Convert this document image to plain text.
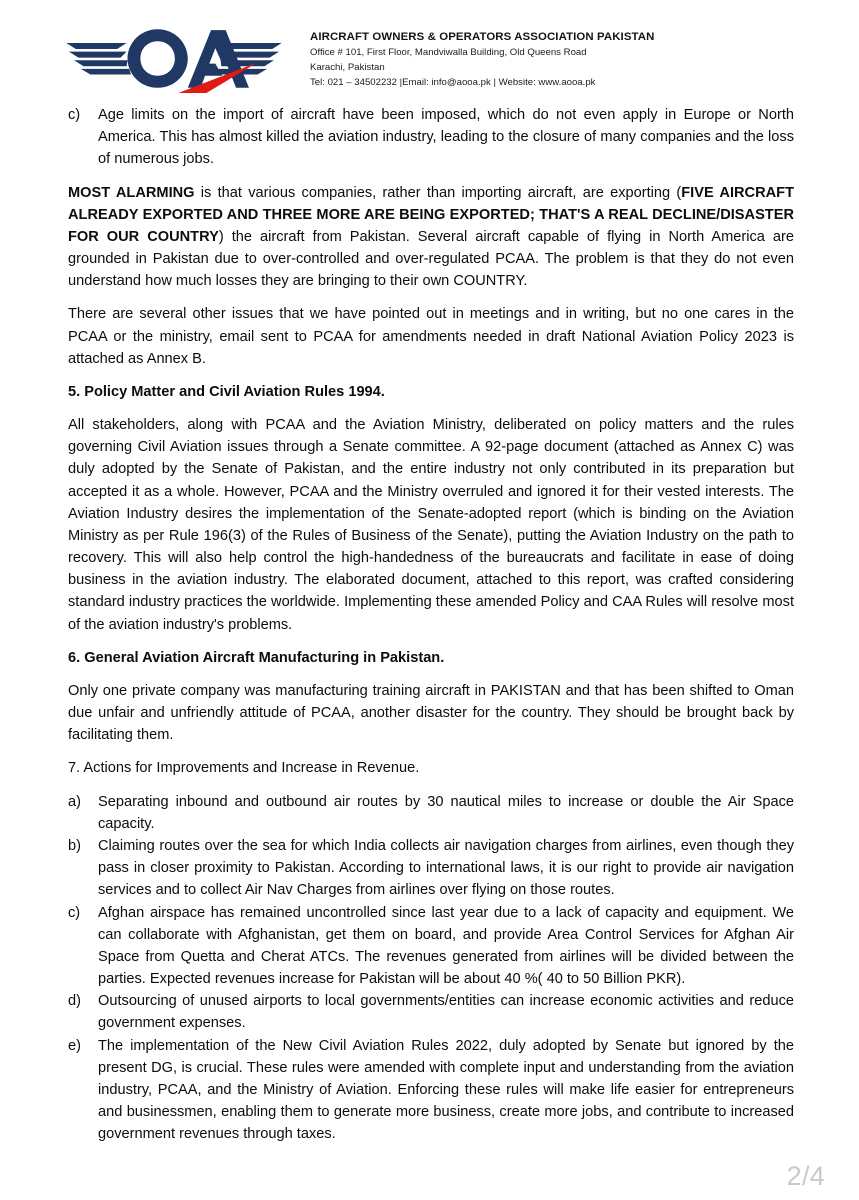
AIRCRAFT OWNERS & OPERATORS ASSOCIATION PAKISTAN
Office # 101, First Floor, Mandviwalla Building, Old Queens Road
Karachi, Pakistan
Tel: 021 – 34502232 |Email: info@aooa.pk | Website: www.aooa.pk
c)	Age limits on the import of aircraft have been imposed, which do not even apply in Europe or North America. This has almost killed the aviation industry, leading to the closure of many companies and the loss of numerous jobs.

MOST ALARMING is that various companies, rather than importing aircraft, are exporting (FIVE AIRCRAFT ALREADY EXPORTED AND THREE MORE ARE BEING EXPORTED; THAT'S A REAL DECLINE/DISASTER FOR OUR COUNTRY) the aircraft from Pakistan. Several aircraft capable of flying in North America are grounded in Pakistan due to over-controlled and over-regulated PCAA. The problem is that they do not even understand how much losses they are bringing to their own COUNTRY.

There are several other issues that we have pointed out in meetings and in writing, but no one cares in the PCAA or the ministry, email sent to PCAA for amendments needed in draft National Aviation Policy 2023 is attached as Annex B.

5. Policy Matter and Civil Aviation Rules 1994.

All stakeholders, along with PCAA and the Aviation Ministry, deliberated on policy matters and the rules governing Civil Aviation issues through a Senate committee. A 92-page document (attached as Annex C) was duly adopted by the Senate of Pakistan, and the entire industry not only contributed in its preparation but accepted it as a whole. However, PCAA and the Ministry overruled and ignored it for their vested interests. The Aviation Industry desires the implementation of the Senate-adopted report (which is binding on the Aviation Ministry as per Rule 196(3) of the Rules of Business of the Senate), putting the Aviation Industry on the path to recovery. This will also help control the high-handedness of the bureaucrats and facilitate in ease of doing business in the aviation industry. The elaborated document, attached to this report, was crafted considering standard industry practices the worldwide. Implementing these amended Policy and CAA Rules will resolve most of the aviation industry's problems.

6. General Aviation Aircraft Manufacturing in Pakistan.

Only one private company was manufacturing training aircraft in PAKISTAN and that has been shifted to Oman due unfair and unfriendly attitude of PCAA, another disaster for the country. They should be brought back by facilitating them.

7. Actions for Improvements and Increase in Revenue.
a)	Separating inbound and outbound air routes by 30 nautical miles to increase or double the Air Space capacity.
b)	Claiming routes over the sea for which India collects air navigation charges from airlines, even though they pass in closer proximity to Pakistan. According to international laws, it is our right to provide air navigation services and to collect Air Nav Charges from airlines over flying on those routes.
c)	Afghan airspace has remained uncontrolled since last year due to a lack of capacity and equipment. We can collaborate with Afghanistan, get them on board, and provide Area Control Services for Afghan Air Space from Quetta and Cherat ATCs. The revenues generated from airlines will be divided between the parties. Expected revenues increase for Pakistan will be about 40 %( 40 to 50 Billion PKR).
d)	Outsourcing of unused airports to local governments/entities can increase economic activities and reduce government expenses.
e)	The implementation of the New Civil Aviation Rules 2022, duly adopted by Senate but ignored by the present DG, is crucial. These rules were amended with complete input and understanding from the aviation industry, PCAA, and the Ministry of Aviation. Enforcing these rules will make life easier for entrepreneurs and businessmen, enabling them to generate more business, create more jobs, and contribute to increased government revenues through taxes.
2/4
